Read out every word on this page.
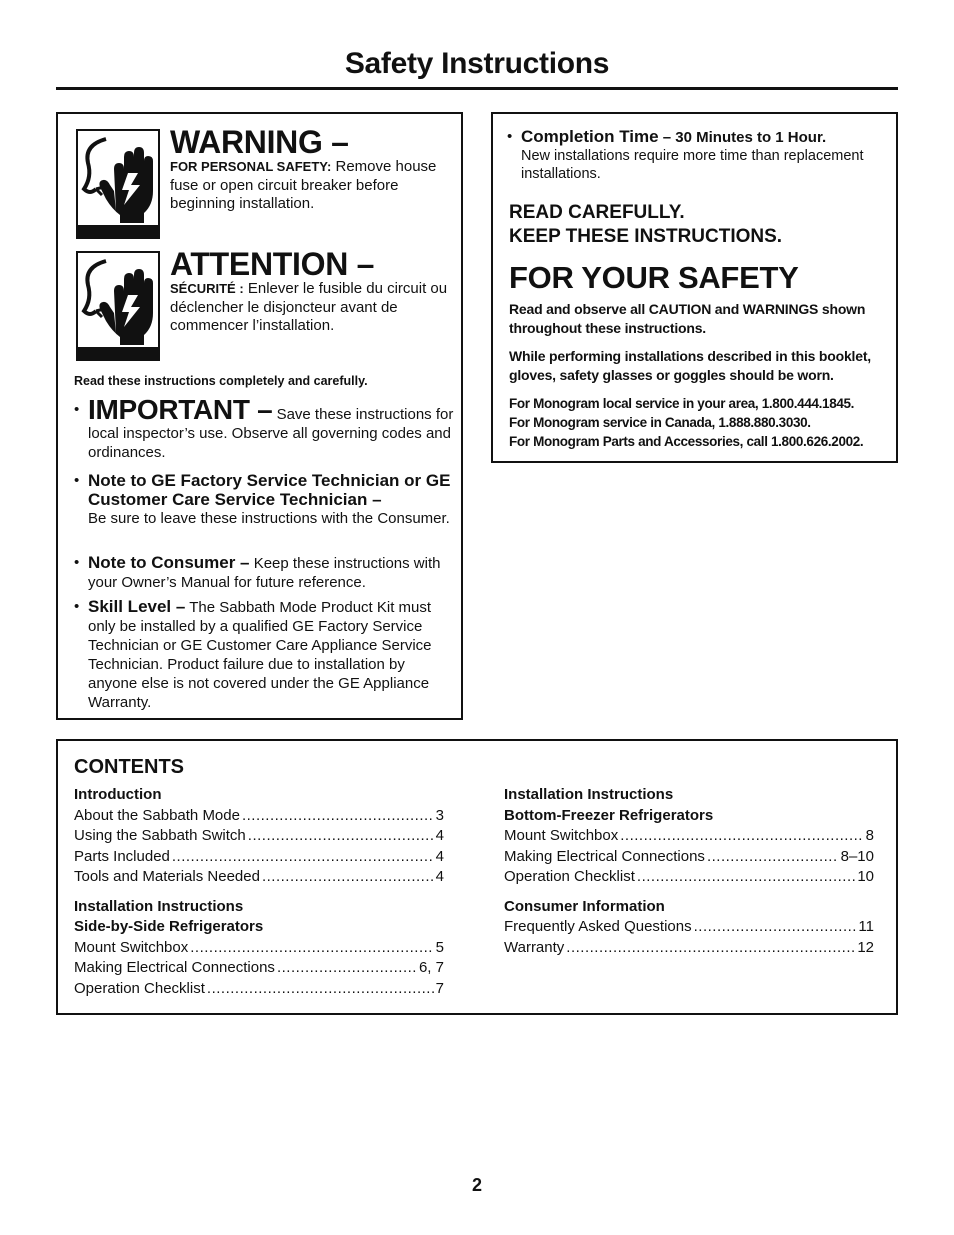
Safety Instructions
WARNING –
FOR PERSONAL SAFETY: Remove house fuse or open circuit breaker before beginning installation.
ATTENTION –
SÉCURITÉ : Enlever le fusible du circuit ou déclencher le disjoncteur avant de commencer l’installation.
Read these instructions completely and carefully.
• IMPORTANT – Save these instructions for local inspector’s use. Observe all governing codes and ordinances.
• Note to GE Factory Service Technician or GE Customer Care Service Technician –
Be sure to leave these instructions with the Consumer.
• Note to Consumer – Keep these instructions with your Owner’s Manual for future reference.
• Skill Level – The Sabbath Mode Product Kit must only be installed by a qualified GE Factory Service Technician or GE Customer Care Appliance Service Technician. Product failure due to installation by anyone else is not covered under the GE Appliance Warranty.
• Completion Time – 30 Minutes to 1 Hour.
New installations require more time than replacement installations.
READ CAREFULLY.
KEEP THESE INSTRUCTIONS.
FOR YOUR SAFETY
Read and observe all CAUTION and WARNINGS shown throughout these instructions.
While performing installations described in this booklet, gloves, safety glasses or goggles should be worn.
For Monogram local service in your area, 1.800.444.1845.
For Monogram service in Canada, 1.888.880.3030.
For Monogram Parts and Accessories, call 1.800.626.2002.
CONTENTS
Introduction
About the Sabbath Mode .....	3
Using the Sabbath Switch .....	4
Parts Included .....	4
Tools and Materials Needed .....	4
Installation Instructions
Side-by-Side Refrigerators
Mount Switchbox .....	5
Making Electrical Connections .....	6, 7
Operation Checklist .....	7
Installation Instructions
Bottom-Freezer Refrigerators
Mount Switchbox .....	8
Making Electrical Connections .....	8–10
Operation Checklist .....	10
Consumer Information
Frequently Asked Questions .....	11
Warranty .....	12
2
